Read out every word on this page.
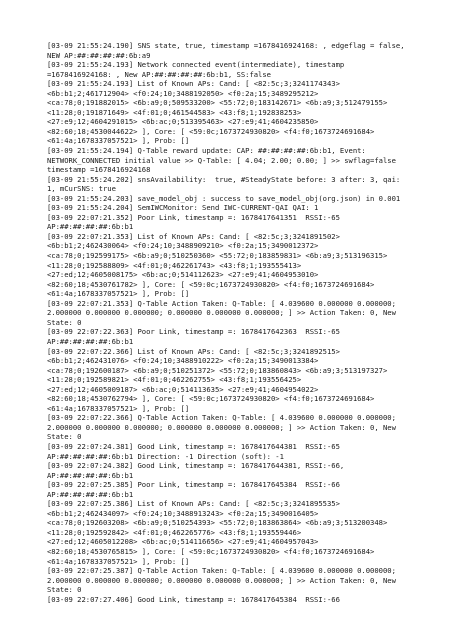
[03-09 21:55:24.190] SNS state, true, timestamp =1678416924168: , edgeflag = false,
NEW AP:##:##:##:##:6b:a9
[03-09 21:55:24.193] Network connected event(intermediate), timestamp
=1678416924168: , New AP:##:##:##:##:6b:b1, SS:false
[03-09 21:55:24.193] List of Known APs: Cand: [ <82:5c;3;3241174343>
<6b:b1;2;461712904> <f0:24;10;3488192050> <f0:2a;15;3489295212>
<ca:78;0;191882015> <6b:a9;0;509533200> <55:72;0;183142671> <6b:a9;3;512479155>
<11:28;0;191871649> <4f:01;0;461544583> <43:f8;1;192838253>
<27:e9;12;4604291015> <6b:ac;0;513395463> <27:e9;41;4604235850>
<82:60;18;4530044622> ], Core: [ <59:0c;1673724930820> <f4:f0;1673724691684>
<61:4a;1678337057521> ], Prob: []
[03-09 21:55:24.194] Q-Table reward update: CAP: ##:##:##:##:6b:b1, Event:
NETWORK_CONNECTED initial value >> Q-Table: [ 4.04; 2.00; 0.00; ] >> swflag=false
timestamp =1678416924168
[03-09 21:55:24.202] snsAvailability:  true, #SteadyState before: 3 after: 3, qai:
1, mCurSNS: true
[03-09 21:55:24.203] save_model_obj : success to save_model_obj(org.json) in 0.001
[03-09 21:55:24.204] SemIWCMonitor: Send IWC-CURRENT-QAI QAI: 1
[03-09 22:07:21.352] Poor Link, timestamp =: 1678417641351  RSSI:-65
AP:##:##:##:##:6b:b1
[03-09 22:07:21.353] List of Known APs: Cand: [ <82:5c;3;3241891502>
<6b:b1;2;462430064> <f0:24;10;3488909210> <f0:2a;15;3490012372>
<ca:78;0;192599175> <6b:a9;0;510250360> <55:72;0;183859831> <6b:a9;3;513196315>
<11:28;0;192588809> <4f:01;0;462261743> <43:f8;1;193555413>
<27:ed;12;4605008175> <6b:ac;0;514112623> <27:e9;41;4604953010>
<82:60;18;4530761782> ], Core: [ <59:0c;1673724930820> <f4:f0;1673724691684>
<61:4a;1678337057521> ], Prob: []
[03-09 22:07:21.353] Q-Table Action Taken: Q-Table: [ 4.039600 0.000000 0.000000;
2.000000 0.000000 0.000000; 0.000000 0.000000 0.000000; ] >> Action Taken: 0, New
State: 0
[03-09 22:07:22.363] Poor Link, timestamp =: 1678417642363  RSSI:-65
AP:##:##:##:##:6b:b1
[03-09 22:07:22.366] List of Known APs: Cand: [ <82:5c;3;3241892515>
<6b:b1;2;462431076> <f0:24;10;3488910222> <f0:2a;15;3490013384>
<ca:78;0;192600187> <6b:a9;0;510251372> <55:72;0;183860843> <6b:a9;3;513197327>
<11:28;0;192589821> <4f:01;0;462262755> <43:f8;1;193556425>
<27:ed;12;4605009187> <6b:ac;0;514113635> <27:e9;41;4604954022>
<82:60;18;4530762794> ], Core: [ <59:0c;1673724930820> <f4:f0;1673724691684>
<61:4a;1678337057521> ], Prob: []
[03-09 22:07:22.366] Q-Table Action Taken: Q-Table: [ 4.039600 0.000000 0.000000;
2.000000 0.000000 0.000000; 0.000000 0.000000 0.000000; ] >> Action Taken: 0, New
State: 0
[03-09 22:07:24.381] Good Link, timestamp =: 1678417644381  RSSI:-65
AP:##:##:##:##:6b:b1 Direction: -1 Direction (soft): -1
[03-09 22:07:24.382] Good Link, timestamp =: 1678417644381, RSSI:-66,
AP:##:##:##:##:6b:b1
[03-09 22:07:25.385] Poor Link, timestamp =: 1678417645384  RSSI:-66
AP:##:##:##:##:6b:b1
[03-09 22:07:25.386] List of Known APs: Cand: [ <82:5c;3;3241895535>
<6b:b1;2;462434097> <f0:24;10;3488913243> <f0:2a;15;3490016405>
<ca:78;0;192603208> <6b:a9;0;510254393> <55:72;0;183863864> <6b:a9;3;513200348>
<11:28;0;192592842> <4f:01;0;462265776> <43:f8;1;193559446>
<27:ed;12;4605012208> <6b:ac;0;514116656> <27:e9;41;4604957043>
<82:60;18;4530765815> ], Core: [ <59:0c;1673724930820> <f4:f0;1673724691684>
<61:4a;1678337057521> ], Prob: []
[03-09 22:07:25.387] Q-Table Action Taken: Q-Table: [ 4.039600 0.000000 0.000000;
2.000000 0.000000 0.000000; 0.000000 0.000000 0.000000; ] >> Action Taken: 0, New
State: 0
[03-09 22:07:27.406] Good Link, timestamp =: 1678417645384  RSSI:-66
